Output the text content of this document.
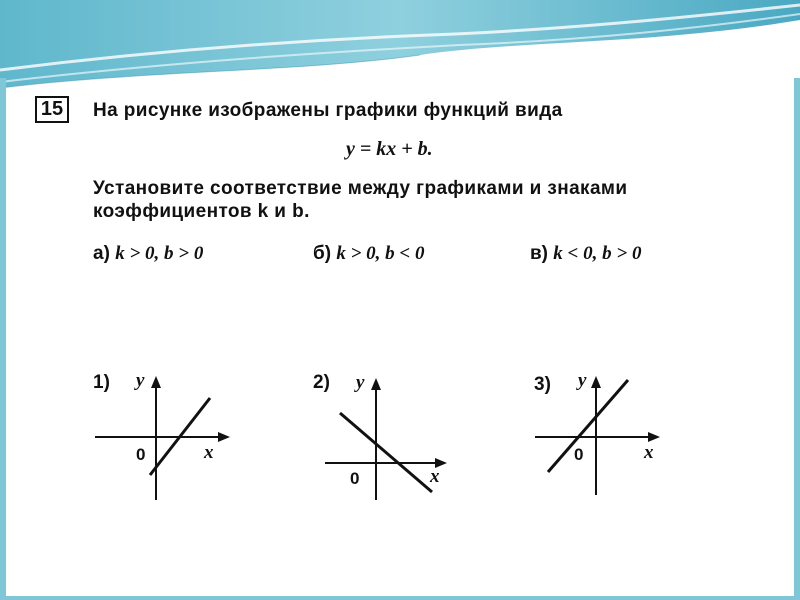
15	На рисунке изображены графики функций вида
y = kx + b.
Установите соответствие между графиками и знаками
коэффициентов k и b.
а) k > 0, b > 0	б) k > 0, b < 0	в) k < 0, b > 0
1) y
x
0
2) y
x
0
3) y
x
0
